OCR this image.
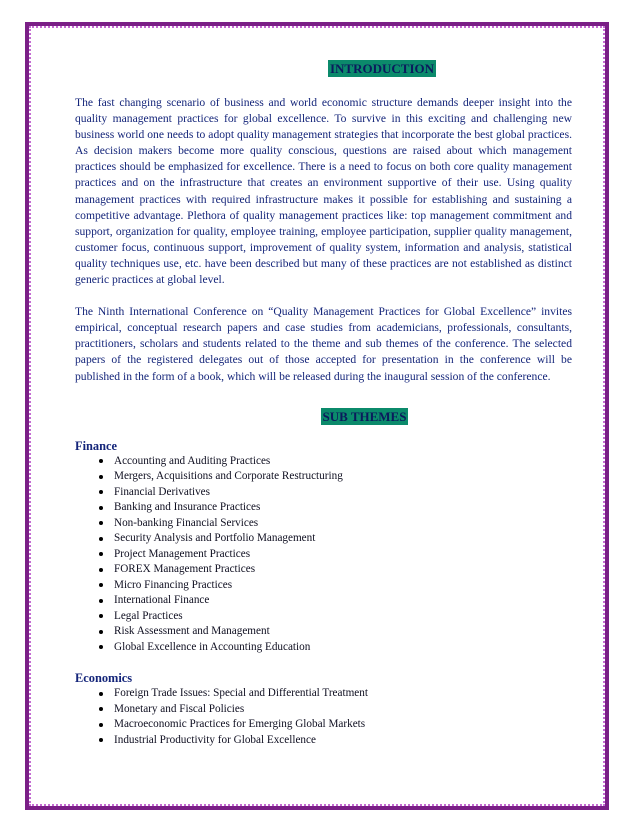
INTRODUCTION

The fast changing scenario of business and world economic structure demands deeper insight into the quality management practices for global excellence. To survive in this exciting and challenging new business world one needs to adopt quality management strategies that incorporate the best global practices. As decision makers become more quality conscious, questions are raised about which management practices should be emphasized for excellence. There is a need to focus on both core quality management practices and on the infrastructure that creates an environment supportive of their use. Using quality management practices with required infrastructure makes it possible for establishing and sustaining a competitive advantage. Plethora of quality management practices like: top management commitment and support, organization for quality, employee training, employee participation, supplier quality management, customer focus, continuous support, improvement of quality system, information and analysis, statistical quality techniques use, etc. have been described but many of these practices are not established as distinct generic practices at global level.

The Ninth International Conference on “Quality Management Practices for Global Excellence” invites empirical, conceptual research papers and case studies from academicians, professionals, consultants, practitioners, scholars and students related to the theme and sub themes of the conference. The selected papers of the registered delegates out of those accepted for presentation in the conference will be published in the form of a book, which will be released during the inaugural session of the conference.

SUB THEMES

Finance

Accounting and Auditing Practices
Mergers, Acquisitions and Corporate Restructuring
Financial Derivatives
Banking and Insurance Practices
Non-banking Financial Services
Security Analysis and Portfolio Management
Project Management Practices
FOREX Management Practices
Micro Financing Practices
International Finance
Legal Practices
Risk Assessment and Management
Global Excellence in Accounting Education

Economics

Foreign Trade Issues: Special and Differential Treatment
Monetary and Fiscal Policies
Macroeconomic Practices for Emerging Global Markets
Industrial Productivity for Global Excellence
